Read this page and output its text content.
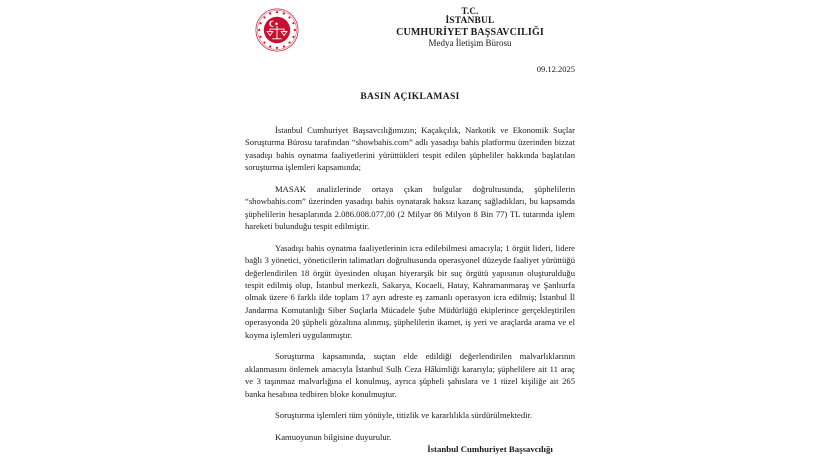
T.C.
İSTANBUL
CUMHURİYET BAŞSAVCILIĞI
Medya İletişim Bürosu
09.12.2025
BASIN AÇIKLAMASI

İstanbul Cumhuriyet Başsavcılığımızın; Kaçakçılık, Narkotik ve Ekonomik Suçlar Soruşturma Bürosu tarafından “showbahis.com” adlı yasadışı bahis platformu üzerinden bizzat yasadışı bahis oynatma faaliyetlerini yürüttükleri tespit edilen şüpheliler hakkında başlatılan soruşturma işlemleri kapsamında;

MASAK analizlerinde ortaya çıkan bulgular doğrultusunda, şüphelilerin “showbahis.com” üzerinden yasadışı bahis oynatarak haksız kazanç sağladıkları, bu kapsamda şüphelilerin hesaplarında 2.086.008.077,00 (2 Milyar 86 Milyon 8 Bin 77) TL tutarında işlem hareketi bulunduğu tespit edilmiştir.

Yasadışı bahis oynatma faaliyetlerinin icra edilebilmesi amacıyla; 1 örgüt lideri, lidere bağlı 3 yönetici, yöneticilerin talimatları doğrultusunda operasyonel düzeyde faaliyet yürüttüğü değerlendirilen 18 örgüt üyesinden oluşan hiyerarşik bir suç örgütü yapısının oluşturulduğu tespit edilmiş olup, İstanbul merkezli, Sakarya, Kocaeli, Hatay, Kahramanmaraş ve Şanlıurfa olmak üzere 6 farklı ilde toplam 17 ayrı adreste eş zamanlı operasyon icra edilmiş; İstanbul İl Jandarma Komutanlığı Siber Suçlarla Mücadele Şube Müdürlüğü ekiplerince gerçekleştirilen operasyonda 20 şüpheli gözaltına alınmış, şüphelilerin ikamet, iş yeri ve araçlarda arama ve el koyma işlemleri uygulanmıştır.

Soruşturma kapsamında, suçtan elde edildiği değerlendirilen malvarlıklarının aklanmasını önlemek amacıyla İstanbul Sulh Ceza Hâkimliği kararıyla; şüphelilere ait 11 araç ve 3 taşınmaz malvarlığına el konulmuş, ayrıca şüpheli şahıslara ve 1 tüzel kişiliğe ait 265 banka hesabına tedbiren bloke konulmuştur.

Soruşturma işlemleri tüm yönüyle, titizlik ve kararlılıkla sürdürülmektedir.

Kamuoyunun bilgisine duyurulur.

İstanbul Cumhuriyet Başsavcılığı
